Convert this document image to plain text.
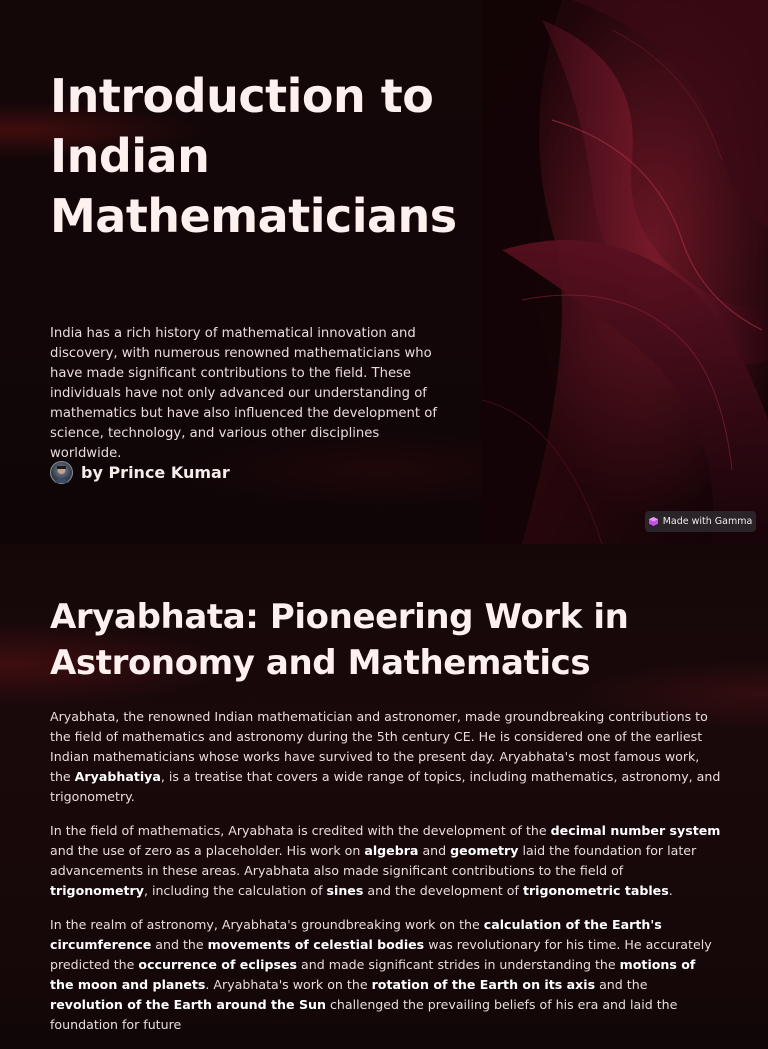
Introduction to Indian Mathematicians

India has a rich history of mathematical innovation and discovery, with numerous renowned mathematicians who have made significant contributions to the field. These individuals have not only advanced our understanding of mathematics but have also influenced the development of science, technology, and various other disciplines worldwide.

by Prince Kumar
Made with Gamma
Aryabhata: Pioneering Work in Astronomy and Mathematics

Aryabhata, the renowned Indian mathematician and astronomer, made groundbreaking contributions to the field of mathematics and astronomy during the 5th century CE. He is considered one of the earliest Indian mathematicians whose works have survived to the present day. Aryabhata's most famous work, the Aryabhatiya, is a treatise that covers a wide range of topics, including mathematics, astronomy, and trigonometry.

In the field of mathematics, Aryabhata is credited with the development of the decimal number system and the use of zero as a placeholder. His work on algebra and geometry laid the foundation for later advancements in these areas. Aryabhata also made significant contributions to the field of trigonometry, including the calculation of sines and the development of trigonometric tables.

In the realm of astronomy, Aryabhata's groundbreaking work on the calculation of the Earth's circumference and the movements of celestial bodies was revolutionary for his time. He accurately predicted the occurrence of eclipses and made significant strides in understanding the motions of the moon and planets. Aryabhata's work on the rotation of the Earth on its axis and the revolution of the Earth around the Sun challenged the prevailing beliefs of his era and laid the foundation for future
